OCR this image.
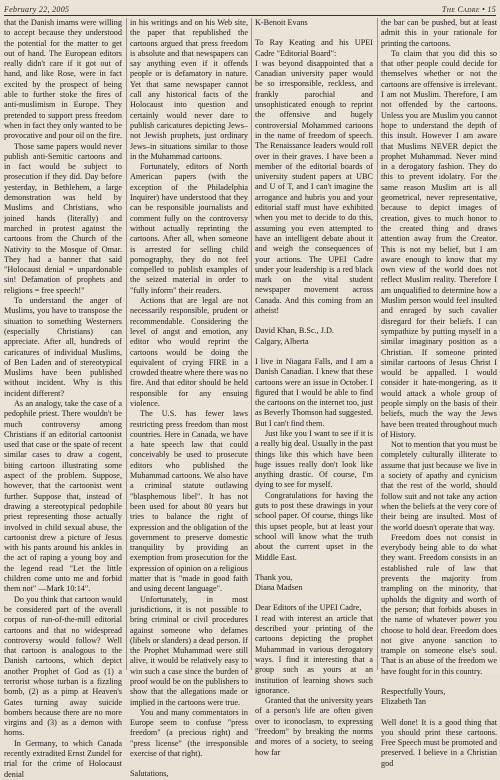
February 22, 2005	The Cadre • 15

that the Danish imams were willing to accept because they understood the potential for the matter to get out of hand. The European editors really didn't care if it got out of hand, and like Rose, were in fact excited by the prospect of being able to further stoke the fires of anti-muslimism in Europe. They pretended to support press freedom when in fact they only wanted to be provocative and pour oil on the fire.

Those same papers would never publish anti-Semitic cartoons and in fact would be subject to prosecution if they did. Day before yesterday, in Bethlehem, a large demonstration was held by Muslims and Christians, who joined hands (literally) and marched in protest against the cartoons from the Church of the Nativity to the Mosque of Omar. They had a banner that said "Holocaust denial = unpardonable sin! Defamation of prophets and religions = free speech!"

To understand the anger of Muslims, you have to transpose the situation to something Westerners (especially Christians) can appreciate. After all, hundreds of caricatures of individual Muslims, of Ben Laden and of stereotypical Muslims have been published without incident. Why is this incident different?

As an analogy, take the case of a pedophile priest. There wouldn't be much controversy among Christians if an editorial cartoonist used that case or the spate of recent similar cases to draw a cogent, biting cartoon illustrating some aspect of the problem. Suppose, however, that the cartoonist went further. Suppose that, instead of drawing a stereotypical pedophile priest representing those actually involved in child sexual abuse, the cartoonist drew a picture of Jesus with his pants around his ankles in the act of raping a young boy and the legend read "Let the little children come unto me and forbid them not" —Mark 10:14".

Do you think that cartoon would be considered part of the overall corpus of run-of-the-mill editorial cartoons and that no widespread controversy would follow? Well that cartoon is analogous to the Danish cartoons, which depict another Prophet of God as (1) a terrorist whose turban is a fizzling bomb, (2) as a pimp at Heaven's Gates turning away suicide bombers because there are no more virgins and (3) as a demon with horns.

In Germany, to which Canada recently extradited Ernst Zundel for trial for the crime of Holocaust denial

in his writings and on his Web site, the paper that republished the cartoons argued that press freedom is absolute and that newspapers can say anything even if it offends people or is defamatory in nature. Yet that same newspaper cannot call any historical facts of the Holocaust into question and certainly would never dare to publish caricatures depicting Jews–not Jewish prophets, just ordinary Jews–in situations similar to those in the Muhammad cartoons.

Fortunately, editors of North American papers (with the exception of the Philadelphia Inquirer) have understood that they can be responsible journalists and comment fully on the controversy without actually reprinting the cartoons. After all, when someone is arrested for selling child pornography, they do not feel compelled to publish examples of the seized material in order to "fully inform" their readers.

Actions that are legal are not necessarily responsible, prudent or recommendable. Considering the level of angst and emotion, any editor who would reprint the cartoons would be doing the equivalent of crying FIRE in a crowded theatre where there was no fire. And that editor should be held responsible for any ensuing violence.

The U.S. has fewer laws restricting press freedom than most countries. Here in Canada, we have a hate speech law that could conceivably be used to prosecute editors who published the Muhammad cartoons. We also have a criminal statute outlawing "blasphemous libel". It has not been used for about 80 years but tries to balance the right of expression and the obligation of the government to preserve domestic tranquility by providing an exemption from prosecution for the expression of opinion on a religious matter that is "made in good faith and using decent language".

Unfortunately, in most jurisdictions, it is not possible to bring criminal or civil procedures against someone who defames (libels or slanders) a dead person. If the Prophet Muhammad were still alive, it would be relatively easy to win such a case since the burden of proof would be on the publishers to show that the allegations made or implied in the cartoons were true.

You and many commentators in Europe seem to confuse "press freedom" (a precious right) and "press license" (the irresponsible exercise of that right).

Salutations,

K-Benoit Evans

To Ray Keating and his UPEI Cadre "Editorial Board":

I was beyond disappointed that a Canadian university paper would be so irresponsible, reckless, and frankly parochial and unsophisticated enough to reprint the offensive and hugely controversial Mohammed cartoons in the name of freedom of speech. The Renaissance leaders would roll over in their graves. I have been a member of the editorial boards of university student papers at UBC and U of T, and I can't imagine the arrogance and hubris you and your editorial staff must have exhibited when you met to decide to do this, assuming you even attempted to have an intelligent debate about it and weigh the consequences of your actions. The UPEI Cadre under your leadership is a red black mark on the vital student newspaper movement across Canada. And this coming from an atheist!

David Khan, B.Sc., J.D.

Calgary, Alberta

I live in Niagara Falls, and I am a Danish Canadian. I knew that these cartoons were an issue in October. I figured that I would be able to find the cartoons on the internet too, just as Beverly Thomson had suggested. But I can't find them.

Just like you I want to see if it is a really big deal. Usually in the past things like this which have been huge issues really don't look like anything drastic. Of course, I'm dying to see for myself.

Congratulations for having the guts to post these drawings in your school paper. Of course, things like this upset people, but at least your school will know what the truth about the current upset in the Middle East.

Thank you,

Diana Madsen

Dear Editors of the UPEI Cadre,

I read with interest an article that described your printing of the cartoons depicting the prophet Muhammad in various derogatory ways. I find it interesting that a group such as yours at an institution of learning shows such ignorance.

Granted that the university years of a person's life are often given over to iconoclasm, to expressing "freedom" by breaking the norms and mores of a society, to seeing how far

the bar can be pushed, but at least admit this in your rationale for printing the cartoons.

To claim that you did this so that other people could decide for themselves whether or not the cartoons are offensive is irrelevant. I am not Muslim. Therefore, I am not offended by the cartoons. Unless you are Muslim you cannot hope to understand the depth of this insult. However I am aware that Muslims NEVER depict the prophet Muhammad. Never mind in a derogatory fashion. They do this to prevent idolatry. For the same reason Muslim art is all geometrical, never representative, because to depict images of creation, gives to much honor to the created thing and draws attention away from the Creator. This is not my belief, but I am aware enough to know that my own view of the world does not reflect Muslim reality. Therefore I am unqualified to determine how a Muslim person would feel insulted and enraged by such cavalier disregard for their beliefs. I can sympathize by putting myself in a similar imaginary position as a Christian. If someone printed similar cartoons of Jesus Christ I would be appalled. I would consider it hate-mongering, as it would attack a whole group of people simply on the basis of their beliefs, much the way the Jews have been treated throughout much of History.

Not to mention that you must be completely culturally illiterate to assume that just because we live in a society of apathy and cynicism that the rest of the world, should follow suit and not take any action when the beliefs at the very core of their being are insulted. Most of the world doesn't operate that way.

Freedom does not consist in everybody being able to do what they want. Freedom consists in an established rule of law that prevents the majority from trampling on the minority, that upholds the dignity and worth of the person; that forbids abuses in the name of whatever power you choose to hold dear. Freedom does not give anyone sanction to trample on someone else's soul. That is an abuse of the freedom we have fought for in this country.

Respectfully Yours,

Elizabeth Tan

Well done! It is a good thing that you should print these cartoons. Free Speech must be promoted and preserved. I believe in a Christian god
